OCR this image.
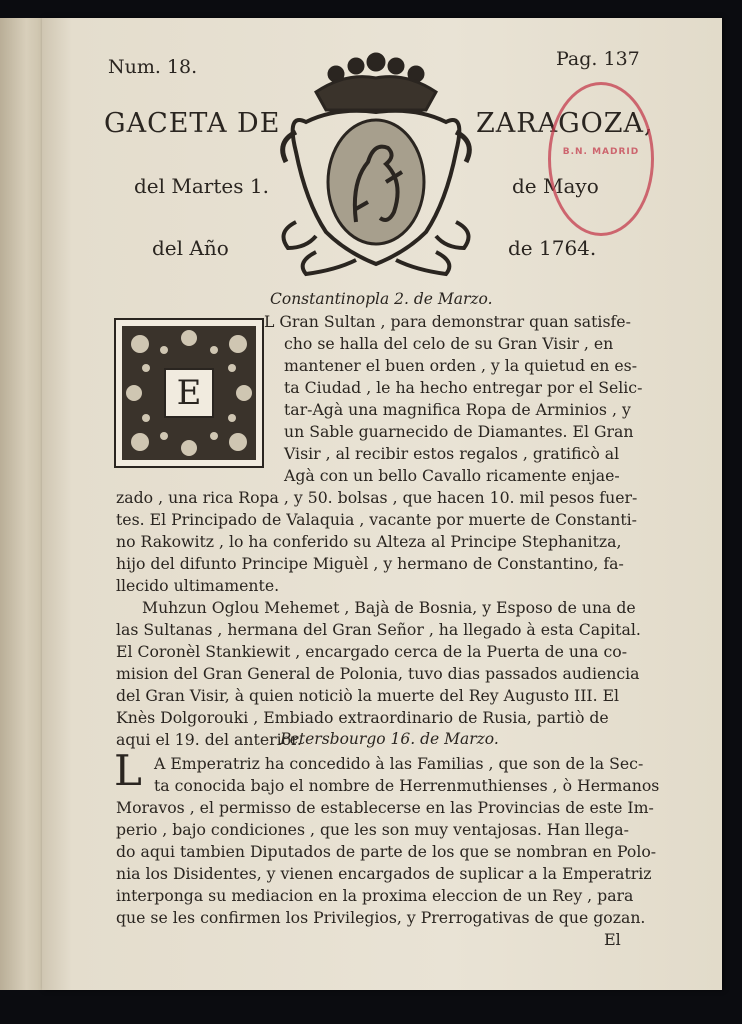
Num. 18.	Pag. 137
GACETA DE	ZARAGOZA,
del Martes 1.	de Mayo
del Año	de 1764.
B.N. MADRID
Constantinopla 2. de Marzo.
E
L Gran Sultan , para demonstrar quan satisfe-
cho se halla del celo de su Gran Visir , en
mantener el buen orden , y la quietud en es-
ta Ciudad , le ha hecho entregar por el Selic-
tar-Agà una magnifica Ropa de Arminios , y
un Sable guarnecido de Diamantes. El Gran
Visir , al recibir estos regalos , gratificò al
Agà con un bello Cavallo ricamente enjae-
zado , una rica Ropa , y 50. bolsas , que hacen 10. mil pesos fuer-
tes. El Principado de Valaquia , vacante por muerte de Constanti-
no Rakowitz , lo ha conferido su Alteza al Principe Stephanitza,
hijo del difunto Principe Miguèl , y hermano de Constantino, fa-
llecido ultimamente.
Muhzun Oglou Mehemet , Bajà de Bosnia, y Esposo de una de
las Sultanas , hermana del Gran Señor , ha llegado à esta Capital.
El Coronèl Stankiewit , encargado cerca de la Puerta de una co-
mision del Gran General de Polonia, tuvo dias passados audiencia
del Gran Visir, à quien noticiò la muerte del Rey Augusto III. El
Knès Dolgorouki , Embiado extraordinario de Rusia, partiò de
aqui el 19. del anterior.
Petersbourgo 16. de Marzo.
L A Emperatriz ha concedido à las Familias , que son de la Sec-
ta conocida bajo el nombre de Herrenmuthienses , ò Hermanos
Moravos , el permisso de establecerse en las Provincias de este Im-
perio , bajo condiciones , que les son muy ventajosas. Han llega-
do aqui tambien Diputados de parte de los que se nombran en Polo-
nia los Disidentes, y vienen encargados de suplicar a la Emperatriz
interponga su mediacion en la proxima eleccion de un Rey , para
que se les confirmen los Privilegios, y Prerrogativas de que gozan.
El
